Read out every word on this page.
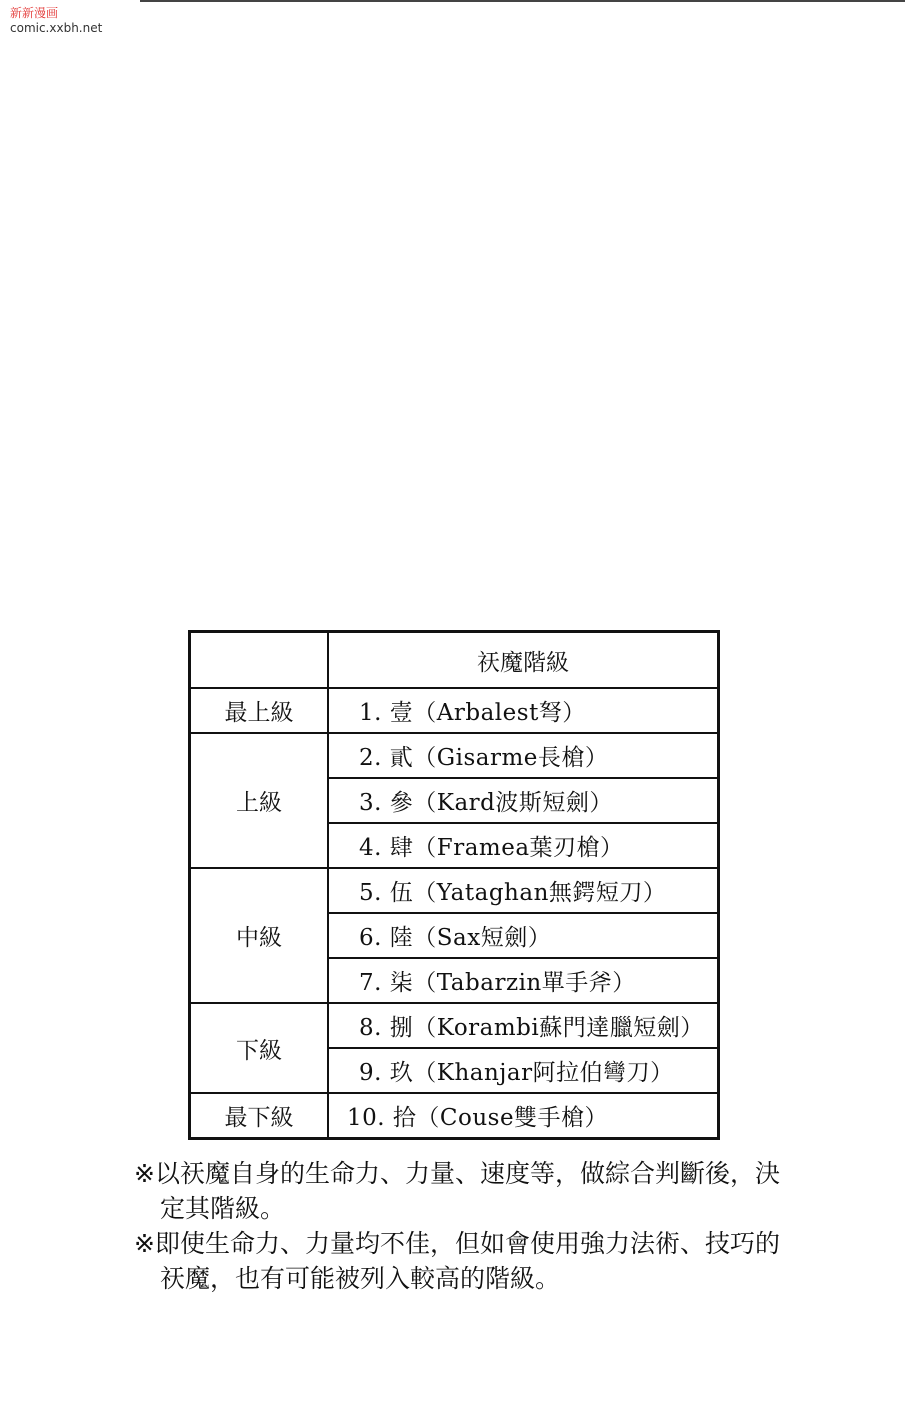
新新漫画
comic.xxbh.net
	祆魔階級
最上級	1. 壹（Arbalest弩）
上級	2. 貳（Gisarme長槍）
	3. 參（Kard波斯短劍）
	4. 肆（Framea葉刃槍）
中級	5. 伍（Yataghan無鍔短刀）
	6. 陸（Sax短劍）
	7. 柒（Tabarzin單手斧）
下級	8. 捌（Korambi蘇門達臘短劍）
	9. 玖（Khanjar阿拉伯彎刀）
最下級	10. 拾（Couse雙手槍）
※以祆魔自身的生命力、力量、速度等，做綜合判斷後，決定其階級。
※即使生命力、力量均不佳，但如會使用強力法術、技巧的祆魔，也有可能被列入較高的階級。
